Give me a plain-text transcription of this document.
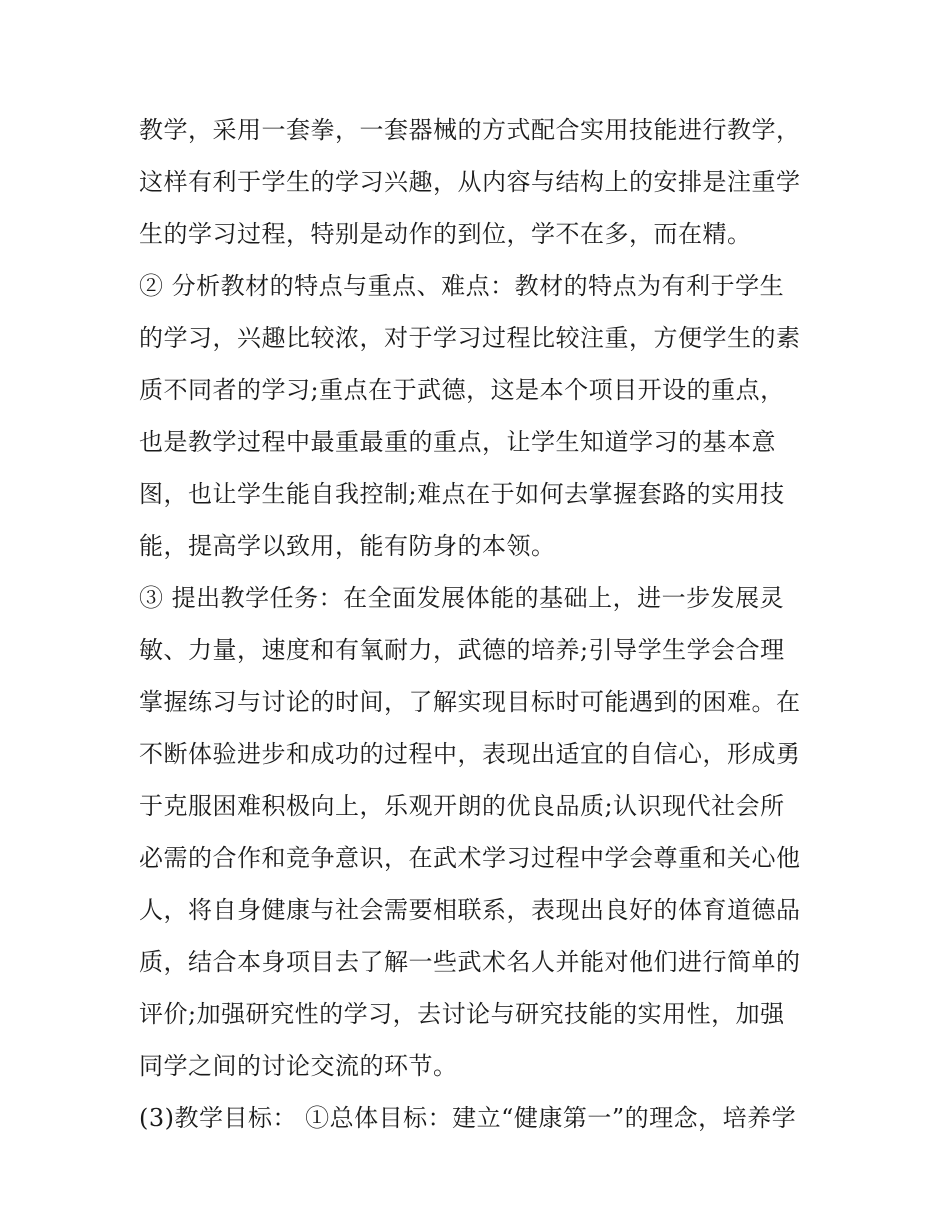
教学，采用一套拳，一套器械的方式配合实用技能进行教学，
这样有利于学生的学习兴趣，从内容与结构上的安排是注重学
生的学习过程，特别是动作的到位，学不在多，而在精。
② 分析教材的特点与重点、难点：教材的特点为有利于学生
的学习，兴趣比较浓，对于学习过程比较注重，方便学生的素
质不同者的学习;重点在于武德，这是本个项目开设的重点，
也是教学过程中最重最重的重点，让学生知道学习的基本意
图，也让学生能自我控制;难点在于如何去掌握套路的实用技
能，提高学以致用，能有防身的本领。
③ 提出教学任务：在全面发展体能的基础上，进一步发展灵
敏、力量，速度和有氧耐力，武德的培养;引导学生学会合理
掌握练习与讨论的时间，了解实现目标时可能遇到的困难。在
不断体验进步和成功的过程中，表现出适宜的自信心，形成勇
于克服困难积极向上，乐观开朗的优良品质;认识现代社会所
必需的合作和竞争意识，在武术学习过程中学会尊重和关心他
人，将自身健康与社会需要相联系，表现出良好的体育道德品
质，结合本身项目去了解一些武术名人并能对他们进行简单的
评价;加强研究性的学习，去讨论与研究技能的实用性，加强
同学之间的讨论交流的环节。
(3)教学目标： ①总体目标：建立“健康第一”的理念，培养学
